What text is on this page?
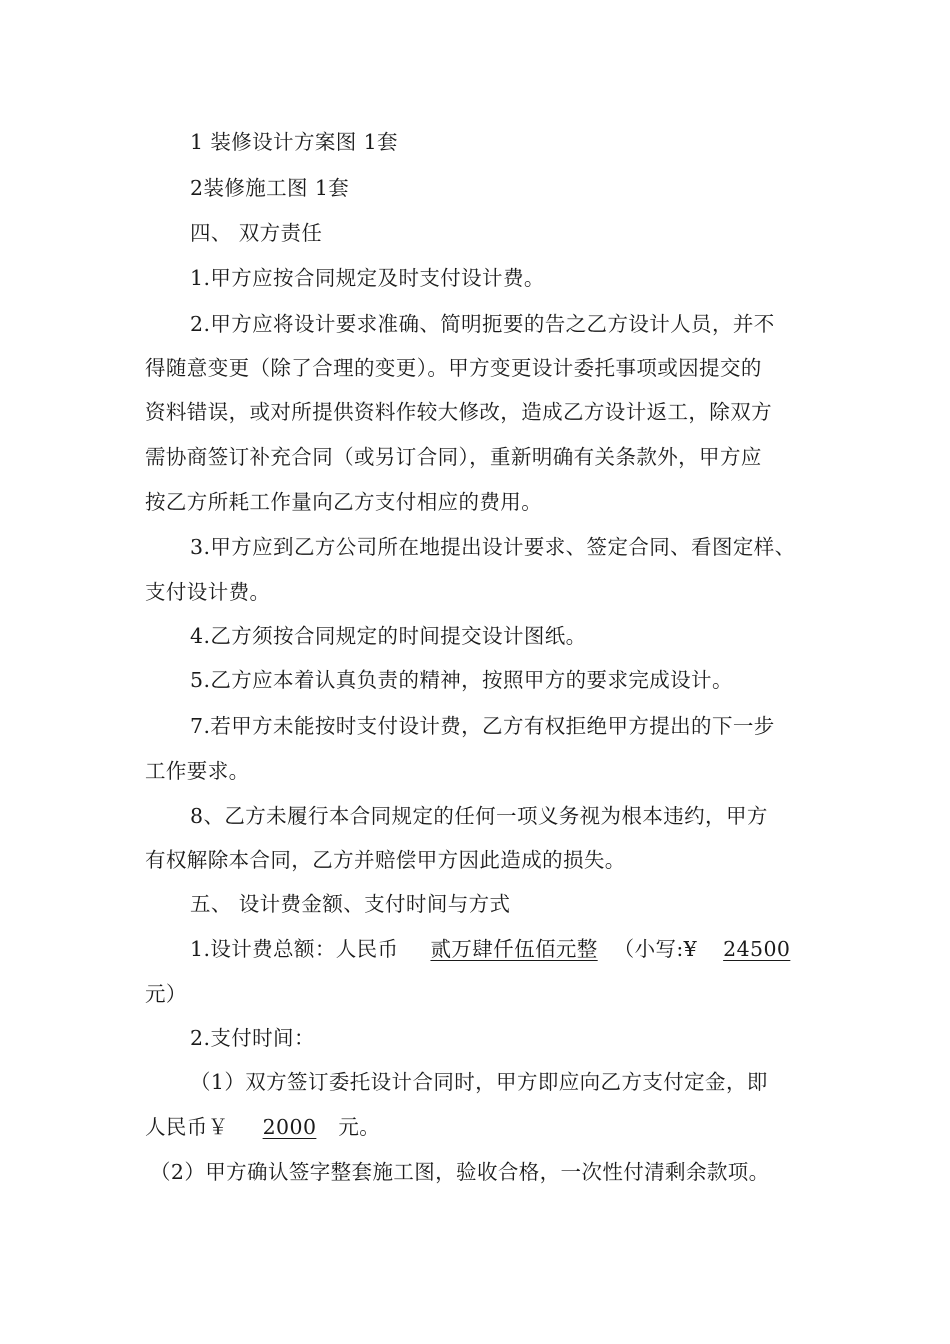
1 装修设计方案图 1套
2装修施工图 1套
四、 双方责任
1.甲方应按合同规定及时支付设计费。
2.甲方应将设计要求准确、简明扼要的告之乙方设计人员，并不
得随意变更（除了合理的变更）。甲方变更设计委托事项或因提交的
资料错误，或对所提供资料作较大修改，造成乙方设计返工，除双方
需协商签订补充合同（或另订合同），重新明确有关条款外，甲方应
按乙方所耗工作量向乙方支付相应的费用。
3.甲方应到乙方公司所在地提出设计要求、签定合同、看图定样、
支付设计费。
4.乙方须按合同规定的时间提交设计图纸。
5.乙方应本着认真负责的精神，按照甲方的要求完成设计。
7.若甲方未能按时支付设计费，乙方有权拒绝甲方提出的下一步
工作要求。
8、乙方未履行本合同规定的任何一项义务视为根本违约，甲方
有权解除本合同，乙方并赔偿甲方因此造成的损失。
五、 设计费金额、支付时间与方式
1.设计费总额：人民币 贰万肆仟伍佰元整 （小写:¥ 24500
元）
2.支付时间：
（1）双方签订委托设计合同时，甲方即应向乙方支付定金，即
人民币￥ 2000 元。
（2）甲方确认签字整套施工图，验收合格，一次性付清剩余款项。
